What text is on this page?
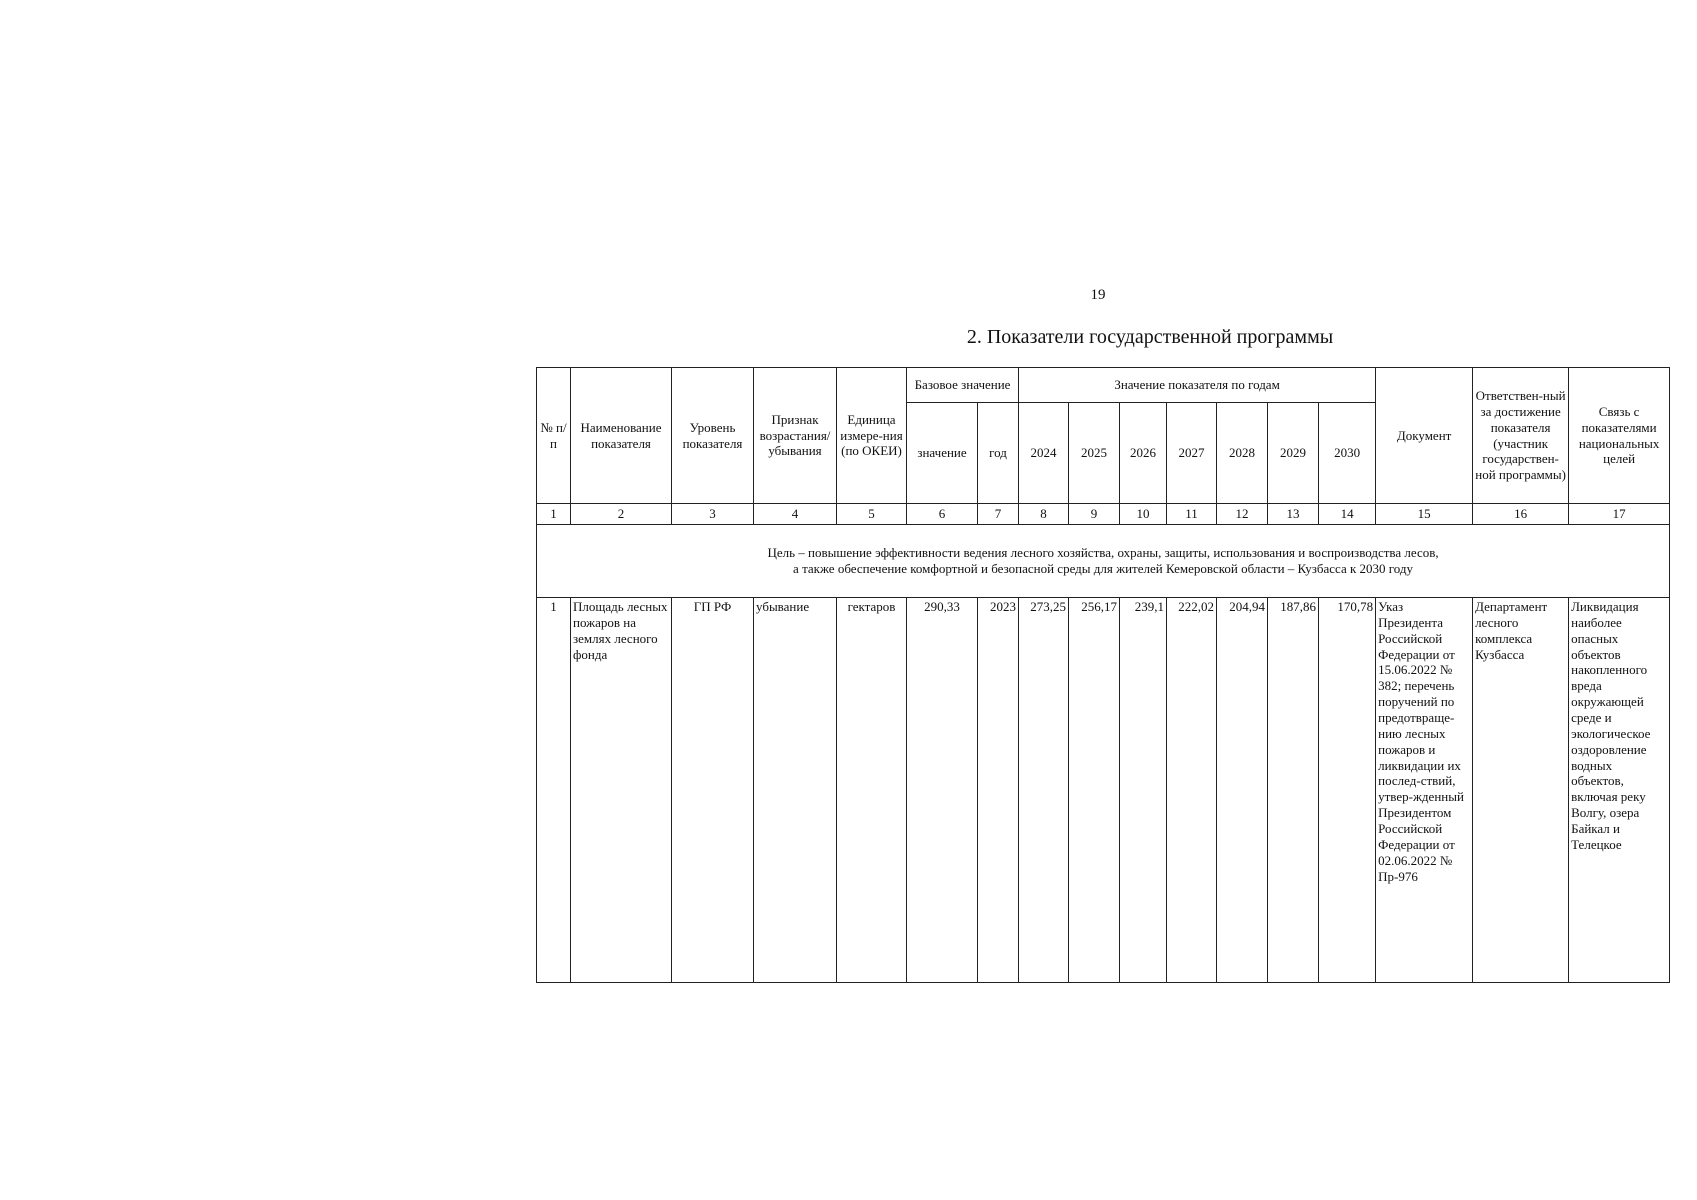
19
2. Показатели государственной программы
№ п/п	Наименование показателя	Уровень показателя	Признак возрастания/ убывания	Единица измере-ния (по ОКЕИ)	Базовое значение		Значение показателя по годам							Документ	Ответствен-ный за достижение показателя (участник государствен-ной программы)	Связь с показателями национальных целей
					значение	год	2024	2025	2026	2027	2028	2029	2030			
1	2	3	4	5	6	7	8	9	10	11	12	13	14	15	16	17

Цель – повышение эффективности ведения лесного хозяйства, охраны, защиты, использования и воспроизводства лесов,
а также обеспечение комфортной и безопасной среды для жителей Кемеровской области – Кузбасса к 2030 году																

1	Площадь лесных пожаров на землях лесного фонда	ГП РФ	убывание	гектаров	290,33	2023	273,25	256,17	239,1	222,02	204,94	187,86	170,78	Указ Президента Российской Федерации от 15.06.2022 № 382; перечень поручений по предотвраще-нию лесных пожаров и ликвидации их послед-ствий, утвер-жденный Президентом Российской Федерации от 02.06.2022 № Пр-976	Департамент лесного комплекса Кузбасса	Ликвидация наиболее опасных объектов накопленного вреда окружающей среде и экологическое оздоровление водных объектов, включая реку Волгу, озера Байкал и Телецкое
